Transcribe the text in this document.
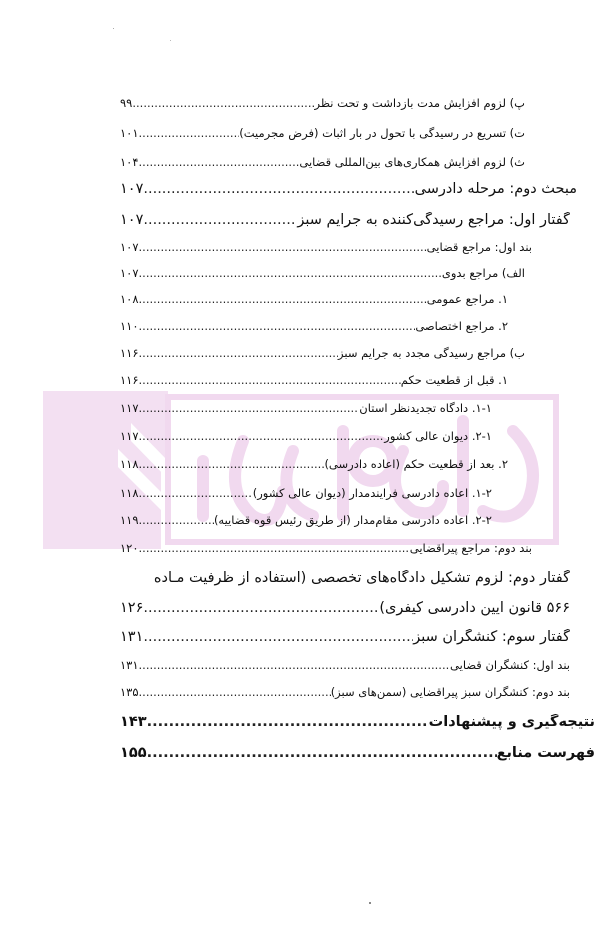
پ) لزوم افزایش مدت بازداشت و تحت نظر
.....
۹۹
ت) تسریع در رسیدگی با تحول در بار اثبات (فرض مجرمیت)
.....
۱۰۱
ث) لزوم افزایش همکاری‌های بین‌المللی قضایی
.....
۱۰۴
مبحث دوم: مرحله دادرسی
.....
۱۰۷
گفتار اول: مراجع رسیدگی‌کننده به جرایم سبز
.....
۱۰۷
بند اول: مراجع قضایی
.....
۱۰۷
الف) مراجع بدوی
.....
۱۰۷
۱. مراجع عمومی
.....
۱۰۸
۲. مراجع اختصاصی
.....
۱۱۰
ب) مراجع رسیدگی مجدد به جرایم سبز
.....
۱۱۶
۱. قبل از قطعیت حکم
.....
۱۱۶
۱-۱. دادگاه تجدیدنظر استان
.....
۱۱۷
۲-۱. دیوان عالی کشور
.....
۱۱۷
۲. بعد از قطعیت حکم (اعاده دادرسی)
.....
۱۱۸
۱-۲. اعاده دادرسی فرایندمدار (دیوان عالی کشور)
.....
۱۱۸
۲-۲. اعاده دادرسی مقام‌مدار (از طریق رئیس قوه قضاییه)
.....
۱۱۹
بند دوم: مراجع پیراقضایی
.....
۱۲۰
گفتار دوم: لزوم تشکیل دادگاه‌های تخصصی (استفاده از ظرفیت مـاده
۵۶۶ قانون آیین دادرسی کیفری)
.....
۱۲۶
گفتار سوم: کنشگران سبز
.....
۱۳۱
بند اول: کنشگران قضایی
.....
۱۳۱
بند دوم: کنشگران سبز پیراقضایی (سمن‌های سبز)
.....
۱۳۵
نتیجه‌گیری و پیشنهادات
.....
۱۴۳
فهرست منابع
.....
۱۵۵
